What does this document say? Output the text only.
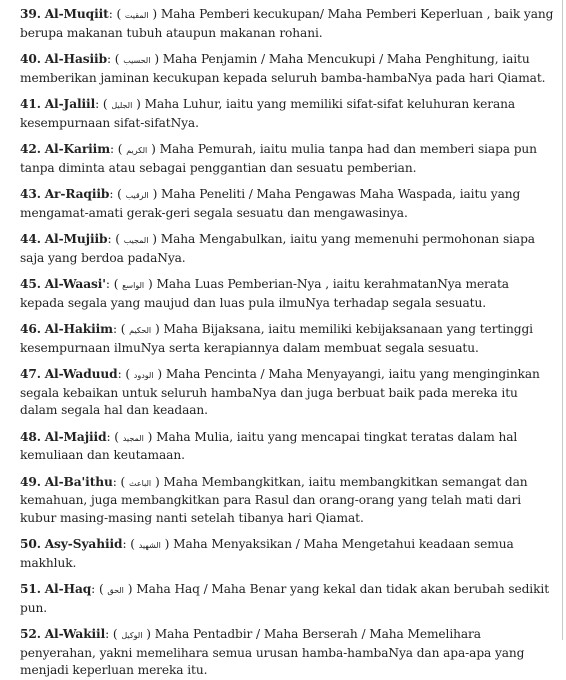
39. Al-Muqiit: ( المقيت ) Maha Pemberi kecukupan/ Maha Pemberi Keperluan , baik yang berupa makanan tubuh ataupun makanan rohani.

40. Al-Hasiib: ( الحسيب ) Maha Penjamin / Maha Mencukupi / Maha Penghitung, iaitu memberikan jaminan kecukupan kepada seluruh bamba-hambaNya pada hari Qiamat.

41. Al-Jaliil: ( الجليل ) Maha Luhur, iaitu yang memiliki sifat-sifat keluhuran kerana kesempurnaan sifat-sifatNya.

42. Al-Kariim: ( الكريم ) Maha Pemurah, iaitu mulia tanpa had dan memberi siapa pun tanpa diminta atau sebagai penggantian dan sesuatu pemberian.

43. Ar-Raqiib: ( الرقيب ) Maha Peneliti / Maha Pengawas Maha Waspada, iaitu yang mengamat-amati gerak-geri segala sesuatu dan mengawasinya.

44. Al-Mujiib: ( المجيب ) Maha Mengabulkan, iaitu yang memenuhi permohonan siapa saja yang berdoa padaNya.

45. Al-Waasi': ( الواسع ) Maha Luas Pemberian-Nya , iaitu kerahmatanNya merata kepada segala yang maujud dan luas pula ilmuNya terhadap segala sesuatu.

46. Al-Hakiim: ( الحكيم ) Maha Bijaksana, iaitu memiliki kebijaksanaan yang tertinggi kesempurnaan ilmuNya serta kerapiannya dalam membuat segala sesuatu.

47. Al-Waduud: ( الودود ) Maha Pencinta / Maha Menyayangi, iaitu yang menginginkan segala kebaikan untuk seluruh hambaNya dan juga berbuat baik pada mereka itu dalam segala hal dan keadaan.

48. Al-Majiid: ( المجيد ) Maha Mulia, iaitu yang mencapai tingkat teratas dalam hal kemuliaan dan keutamaan.

49. Al-Ba'ithu: ( الباعث ) Maha Membangkitkan, iaitu membangkitkan semangat dan kemahuan, juga membangkitkan para Rasul dan orang-orang yang telah mati dari kubur masing-masing nanti setelah tibanya hari Qiamat.

50. Asy-Syahiid: ( الشهيد ) Maha Menyaksikan / Maha Mengetahui keadaan semua makhluk.

51. Al-Haq: ( الحق ) Maha Haq / Maha Benar yang kekal dan tidak akan berubah sedikit pun.

52. Al-Wakiil: ( الوكيل ) Maha Pentadbir / Maha Berserah / Maha Memelihara penyerahan, yakni memelihara semua urusan hamba-hambaNya dan apa-apa yang menjadi keperluan mereka itu.
